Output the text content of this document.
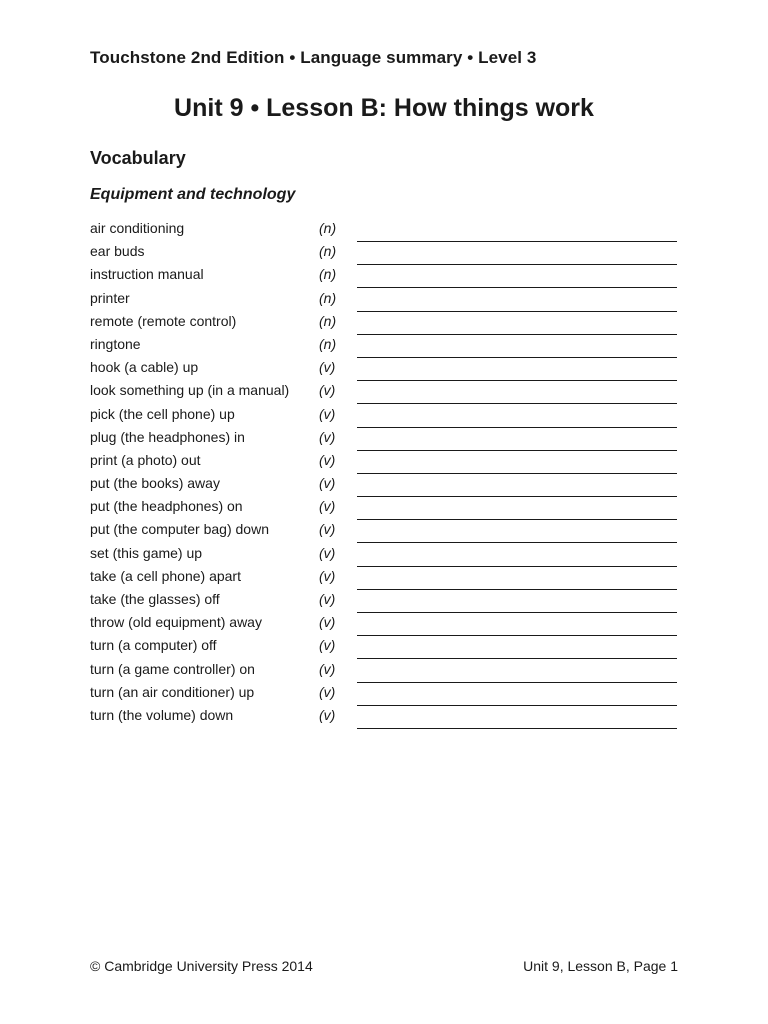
Touchstone 2nd Edition • Language summary • Level 3
Unit 9 • Lesson B: How things work
Vocabulary
Equipment and technology
air conditioning	(n)
ear buds	(n)
instruction manual	(n)
printer	(n)
remote (remote control)	(n)
ringtone	(n)
hook (a cable) up	(v)
look something up (in a manual) (v)
pick (the cell phone) up	(v)
plug (the headphones) in	(v)
print (a photo) out	(v)
put (the books) away	(v)
put (the headphones) on	(v)
put (the computer bag) down	(v)
set (this game) up	(v)
take (a cell phone) apart	(v)
take (the glasses) off	(v)
throw (old equipment) away	(v)
turn (a computer) off	(v)
turn (a game controller) on	(v)
turn (an air conditioner) up	(v)
turn (the volume) down	(v)
© Cambridge University Press 2014	Unit 9, Lesson B, Page 1
